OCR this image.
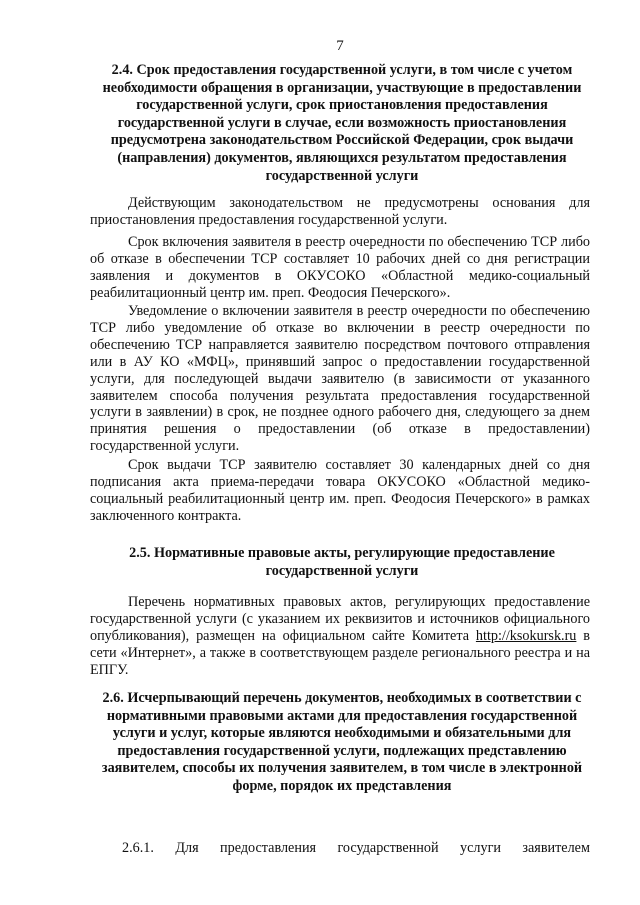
7
2.4. Срок предоставления государственной услуги, в том числе с учетом необходимости обращения в организации, участвующие в предоставлении государственной услуги, срок приостановления предоставления государственной услуги в случае, если возможность приостановления предусмотрена законодательством Российской Федерации, срок выдачи (направления) документов, являющихся результатом предоставления государственной услуги
Действующим законодательством не предусмотрены основания для приостановления предоставления государственной услуги.
Срок включения заявителя в реестр очередности по обеспечению ТСР либо об отказе в обеспечении ТСР составляет 10 рабочих дней со дня регистрации заявления и документов в ОКУСОКО «Областной медико-социальный реабилитационный центр им. преп. Феодосия Печерского».
Уведомление о включении заявителя в реестр очередности по обеспечению ТСР либо уведомление об отказе во включении в реестр очередности по обеспечению ТСР направляется заявителю посредством почтового отправления или в АУ КО «МФЦ», принявший запрос о предоставлении государственной услуги, для последующей выдачи заявителю (в зависимости от указанного заявителем способа получения результата предоставления государственной услуги в заявлении) в срок, не позднее одного рабочего дня, следующего за днем принятия решения о предоставлении (об отказе в предоставлении) государственной услуги.
Срок выдачи ТСР заявителю составляет 30 календарных дней со дня подписания акта приема-передачи товара ОКУСОКО «Областной медико-социальный реабилитационный центр им. преп. Феодосия Печерского» в рамках заключенного контракта.
2.5. Нормативные правовые акты, регулирующие предоставление государственной услуги
Перечень нормативных правовых актов, регулирующих предоставление государственной услуги (с указанием их реквизитов и источников официального опубликования), размещен на официальном сайте Комитета http://ksokursk.ru в сети «Интернет», а также в соответствующем разделе регионального реестра и на ЕПГУ.
2.6. Исчерпывающий перечень документов, необходимых в соответствии с нормативными правовыми актами для предоставления государственной услуги и услуг, которые являются необходимыми и обязательными для предоставления государственной услуги, подлежащих представлению заявителем, способы их получения заявителем, в том числе в электронной форме, порядок их представления
2.6.1. Для предоставления государственной услуги заявителем
